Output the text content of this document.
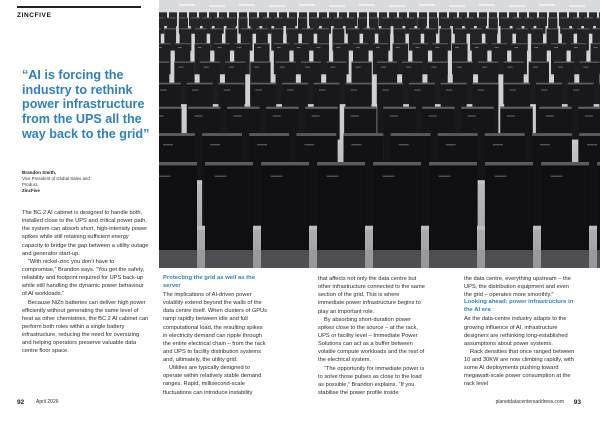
ZINCFIVE
“AI is forcing the industry to rethink power infrastructure from the UPS all the way back to the grid”
Brandon Smith,
Vice President of Global Sales and Product,
ZincFive

The BC 2 AI cabinet is designed to handle both, installed close to the UPS and critical power path, the system can absorb short, high-intensity power spikes while still retaining sufficient energy capacity to bridge the gap between a utility outage and generator start-up.

“With nickel-zinc you don’t have to compromise,” Brandon says. “You get the safety, reliability and footprint required for UPS back-up while still handling the dynamic power behaviour of AI workloads.”

Because NiZn batteries can deliver high power efficiently without generating the same level of heat as other chemistries, the BC 2 AI cabinet can perform both roles within a single battery infrastructure, reducing the need for oversizing and helping operators preserve valuable data centre floor space.

Protecting the grid as well as the server

The implications of AI-driven power volatility extend beyond the walls of the data centre itself. When clusters of GPUs ramp rapidly between idle and full computational load, the resulting spikes in electricity demand can ripple through the entire electrical chain – from the rack and UPS to facility distribution systems and, ultimately, the utility grid.

Utilities are typically designed to operate within relatively stable demand ranges. Rapid, millisecond-scale fluctuations can introduce instability

that affects not only the data centre but other infrastructure connected to the same section of the grid. This is where immediate power infrastructure begins to play an important role.

By absorbing short-duration power spikes close to the source – at the rack, UPS or facility level – Immediate Power Solutions can act as a buffer between volatile compute workloads and the rest of the electrical system.

“The opportunity for immediate power is to solve those pulses as close to the load as possible,” Brandon explains. “If you stabilise the power profile inside

the data centre, everything upstream – the UPS, the distribution equipment and even the grid – operates more smoothly.”

Looking ahead: power infrastructure in the AI era

As the data-centre industry adapts to the growing influence of AI, infrastructure designers are rethinking long-established assumptions about power systems.

Rack densities that once ranged between 10 and 30KW are now climbing rapidly, with some AI deployments pushing toward megawatt-scale power consumption at the rack level

92 April 2026	planetdatacentersaddress.com 93
